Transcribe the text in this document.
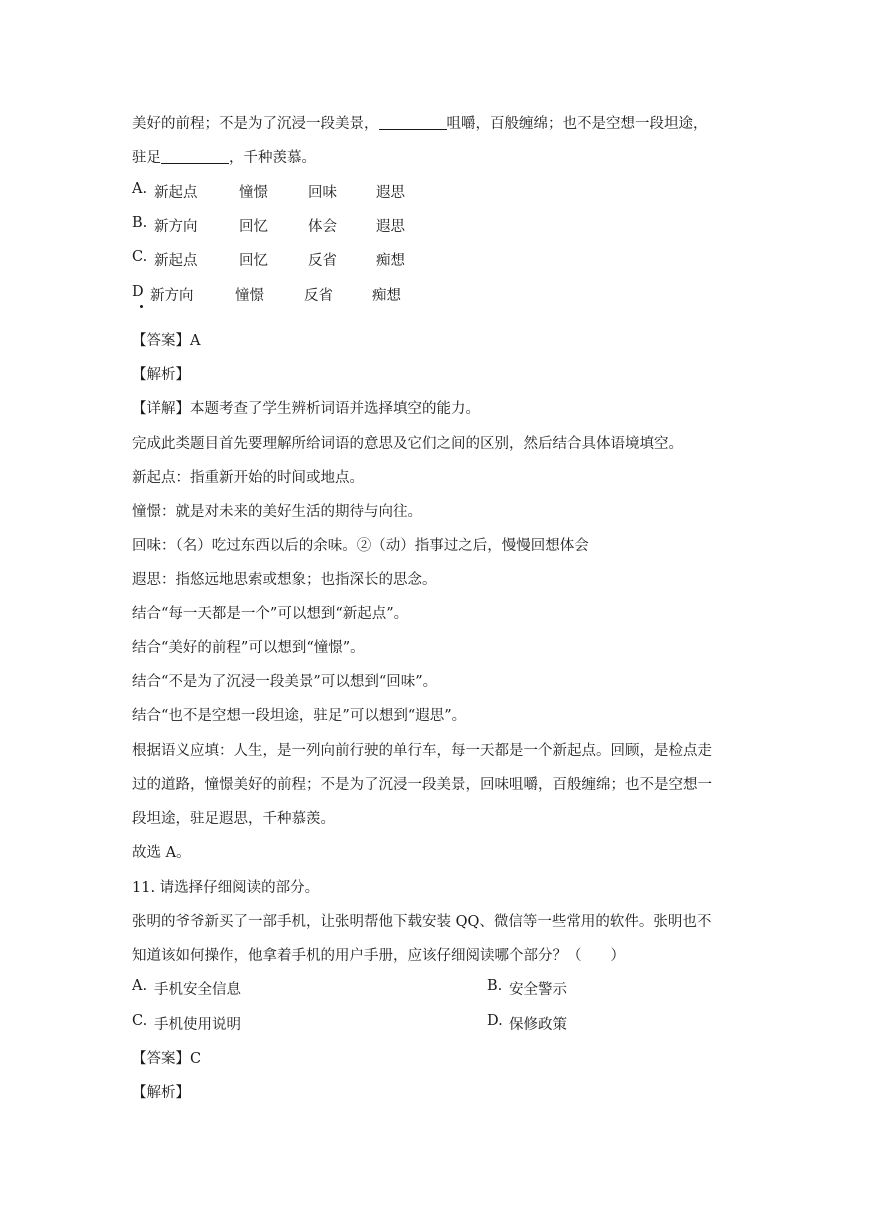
美好的前程；不是为了沉浸一段美景，	咀嚼，百般缠绵；也不是空想一段坦途，
驻足	，千种羡慕。
A. 新起点	憧憬	回味	遐思
B. 新方向	回忆	体会	遐思
C. 新起点	回忆	反省	痴想
D 新方向	憧憬	反省	痴想
【答案】A
【解析】
【详解】本题考查了学生辨析词语并选择填空的能力。
完成此类题目首先要理解所给词语的意思及它们之间的区别，然后结合具体语境填空。
新起点：指重新开始的时间或地点。
憧憬：就是对未来的美好生活的期待与向往。
回味：（名）吃过东西以后的余味。②（动）指事过之后，慢慢回想体会
遐思：指悠远地思索或想象；也指深长的思念。
结合“每一天都是一个”可以想到“新起点”。
结合“美好的前程”可以想到“憧憬”。
结合“不是为了沉浸一段美景”可以想到“回味”。
结合“也不是空想一段坦途，驻足”可以想到“遐思”。
根据语义应填：人生，是一列向前行驶的单行车，每一天都是一个新起点。回顾，是检点走
过的道路，憧憬美好的前程；不是为了沉浸一段美景，回味咀嚼，百般缠绵；也不是空想一
段坦途，驻足遐思，千种慕羡。
故选 A。
11. 请选择仔细阅读的部分。
张明的爷爷新买了一部手机，让张明帮他下载安装 QQ、微信等一些常用的软件。张明也不
知道该如何操作，他拿着手机的用户手册，应该仔细阅读哪个部分？（　　）
A. 手机安全信息	B. 安全警示
C. 手机使用说明	D. 保修政策
【答案】C
【解析】
